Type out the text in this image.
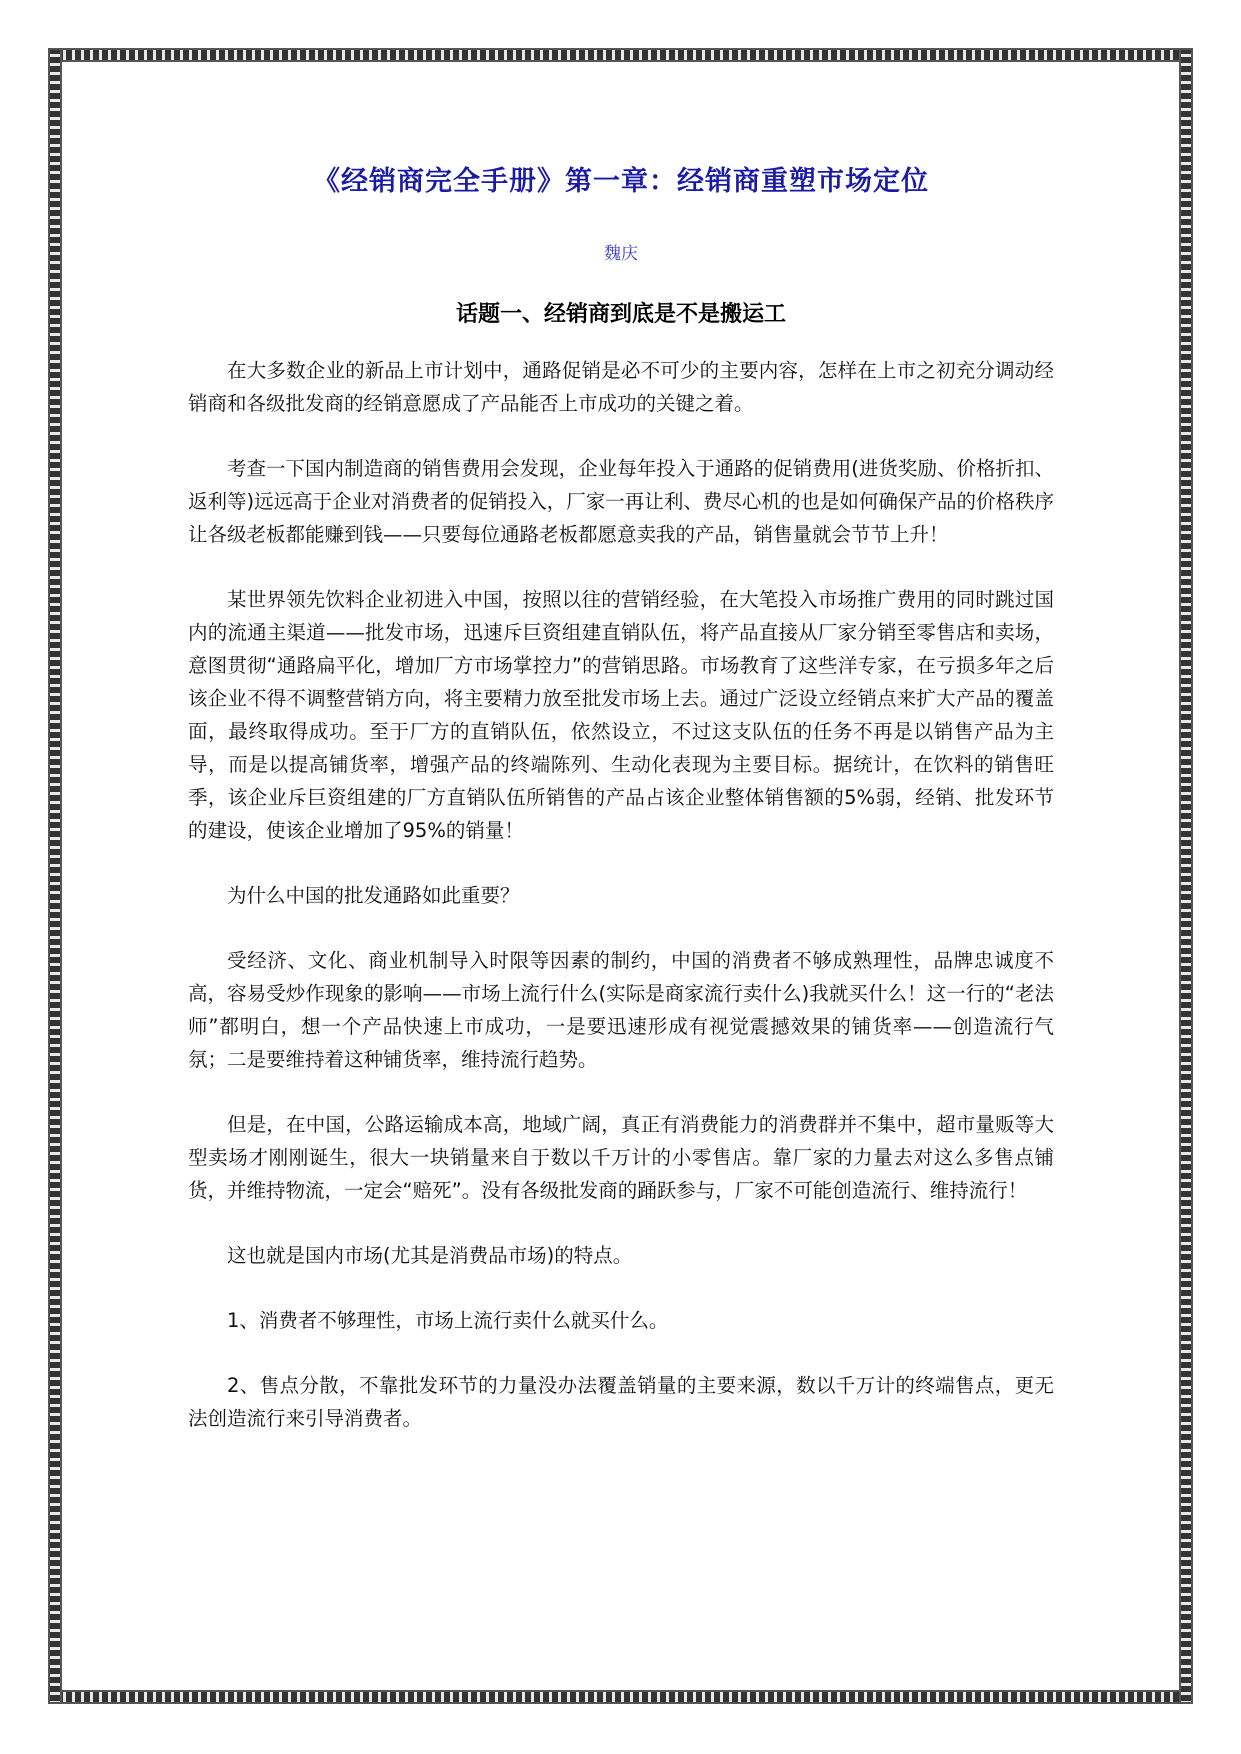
《经销商完全手册》第一章：经销商重塑市场定位
魏庆
话题一、经销商到底是不是搬运工

在大多数企业的新品上市计划中，通路促销是必不可少的主要内容，怎样在上市之初充分调动经销商和各级批发商的经销意愿成了产品能否上市成功的关键之着。

考查一下国内制造商的销售费用会发现，企业每年投入于通路的促销费用(进货奖励、价格折扣、返利等)远远高于企业对消费者的促销投入，厂家一再让利、费尽心机的也是如何确保产品的价格秩序让各级老板都能赚到钱——只要每位通路老板都愿意卖我的产品，销售量就会节节上升！

某世界领先饮料企业初进入中国，按照以往的营销经验，在大笔投入市场推广费用的同时跳过国内的流通主渠道——批发市场，迅速斥巨资组建直销队伍，将产品直接从厂家分销至零售店和卖场，意图贯彻“通路扁平化，增加厂方市场掌控力”的营销思路。市场教育了这些洋专家，在亏损多年之后该企业不得不调整营销方向，将主要精力放至批发市场上去。通过广泛设立经销点来扩大产品的覆盖面，最终取得成功。至于厂方的直销队伍，依然设立，不过这支队伍的任务不再是以销售产品为主导，而是以提高铺货率，增强产品的终端陈列、生动化表现为主要目标。据统计，在饮料的销售旺季，该企业斥巨资组建的厂方直销队伍所销售的产品占该企业整体销售额的5%弱，经销、批发环节的建设，使该企业增加了95%的销量！

为什么中国的批发通路如此重要？

受经济、文化、商业机制导入时限等因素的制约，中国的消费者不够成熟理性，品牌忠诚度不高，容易受炒作现象的影响——市场上流行什么(实际是商家流行卖什么)我就买什么！这一行的“老法师”都明白，想一个产品快速上市成功，一是要迅速形成有视觉震撼效果的铺货率——创造流行气氛；二是要维持着这种铺货率，维持流行趋势。

但是，在中国，公路运输成本高，地域广阔，真正有消费能力的消费群并不集中，超市量贩等大型卖场才刚刚诞生，很大一块销量来自于数以千万计的小零售店。靠厂家的力量去对这么多售点铺货，并维持物流，一定会“赔死”。没有各级批发商的踊跃参与，厂家不可能创造流行、维持流行！

这也就是国内市场(尤其是消费品市场)的特点。

1、消费者不够理性，市场上流行卖什么就买什么。

2、售点分散，不靠批发环节的力量没办法覆盖销量的主要来源，数以千万计的终端售点，更无法创造流行来引导消费者。
